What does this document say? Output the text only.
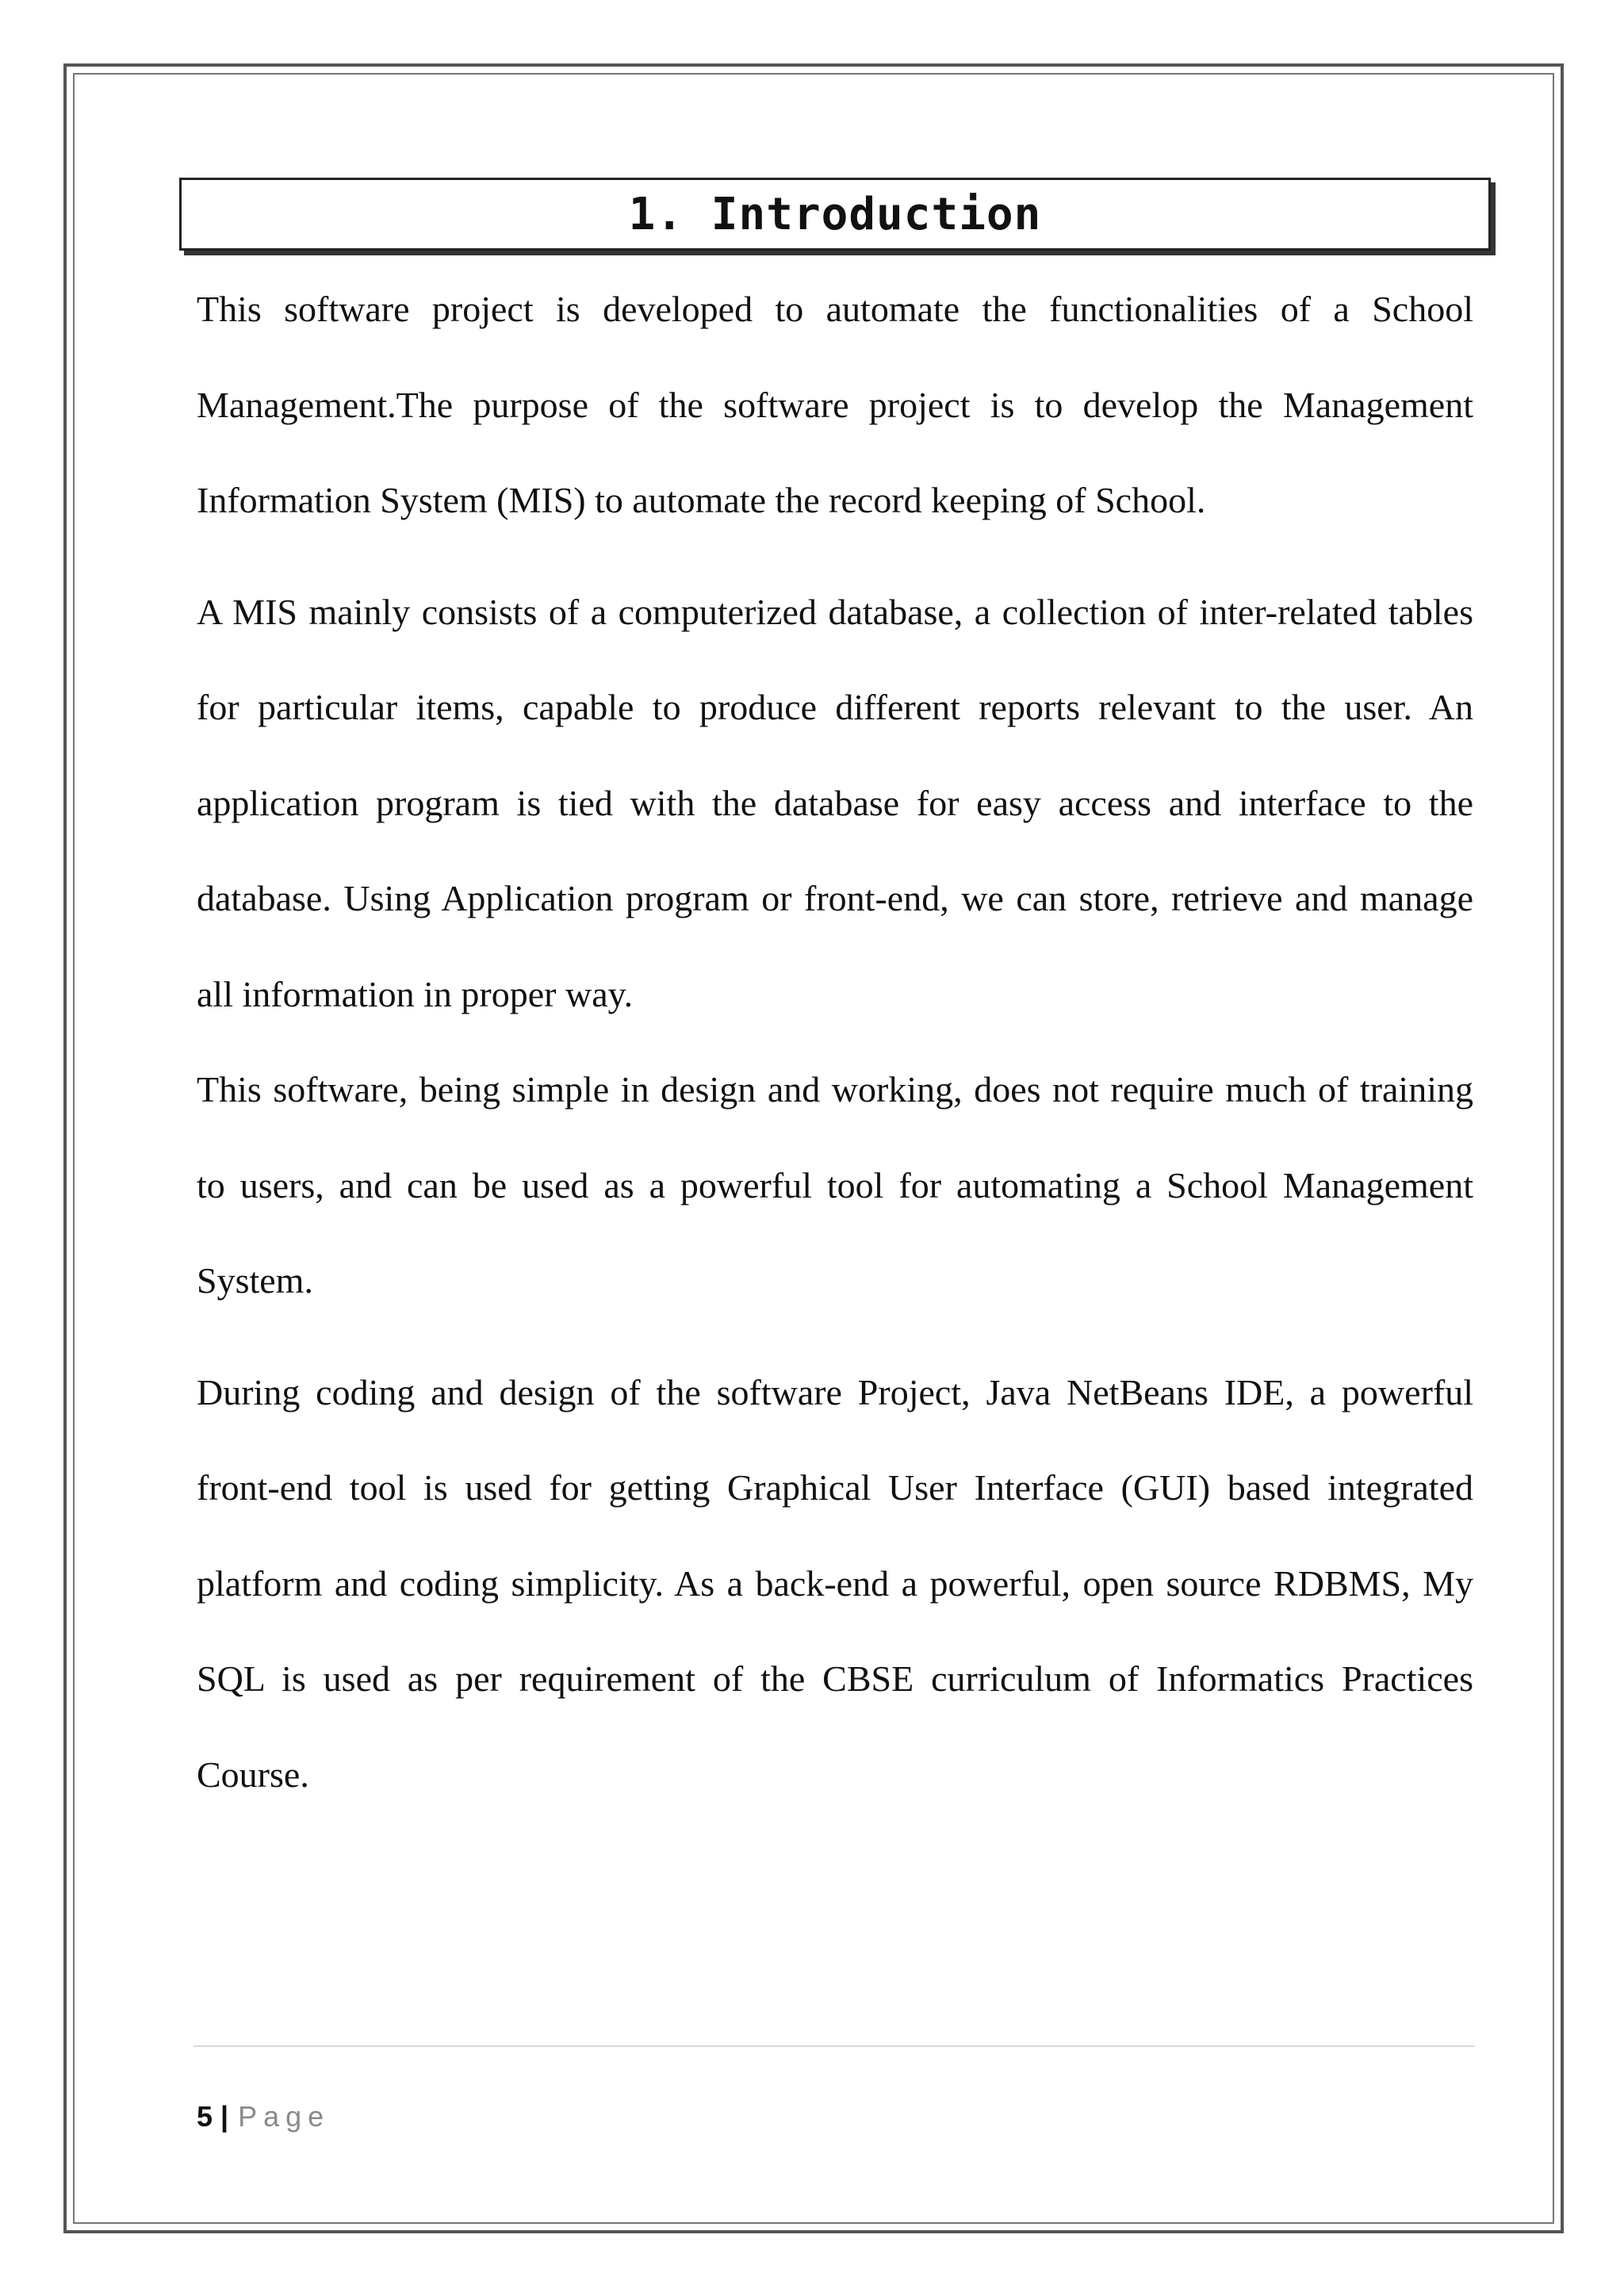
1. Introduction

This software project is developed to automate the functionalities of a School Management.The purpose of the software project is to develop the Management Information System (MIS) to automate the record keeping of School.

A MIS mainly consists of a computerized database, a collection of inter-related tables for particular items, capable to produce different reports relevant to the user. An application program is tied with the database for easy access and interface to the database. Using Application program or front-end, we can store, retrieve and manage all information in proper way.

This software, being simple in design and working, does not require much of training to users, and can be used as a powerful tool for automating a School Management System.

During coding and design of the software Project, Java NetBeans IDE, a powerful front-end tool is used for getting Graphical User Interface (GUI) based integrated platform and coding simplicity. As a back-end a powerful, open source RDBMS, My SQL is used as per requirement of the CBSE curriculum of Informatics Practices Course.

5 | Page
